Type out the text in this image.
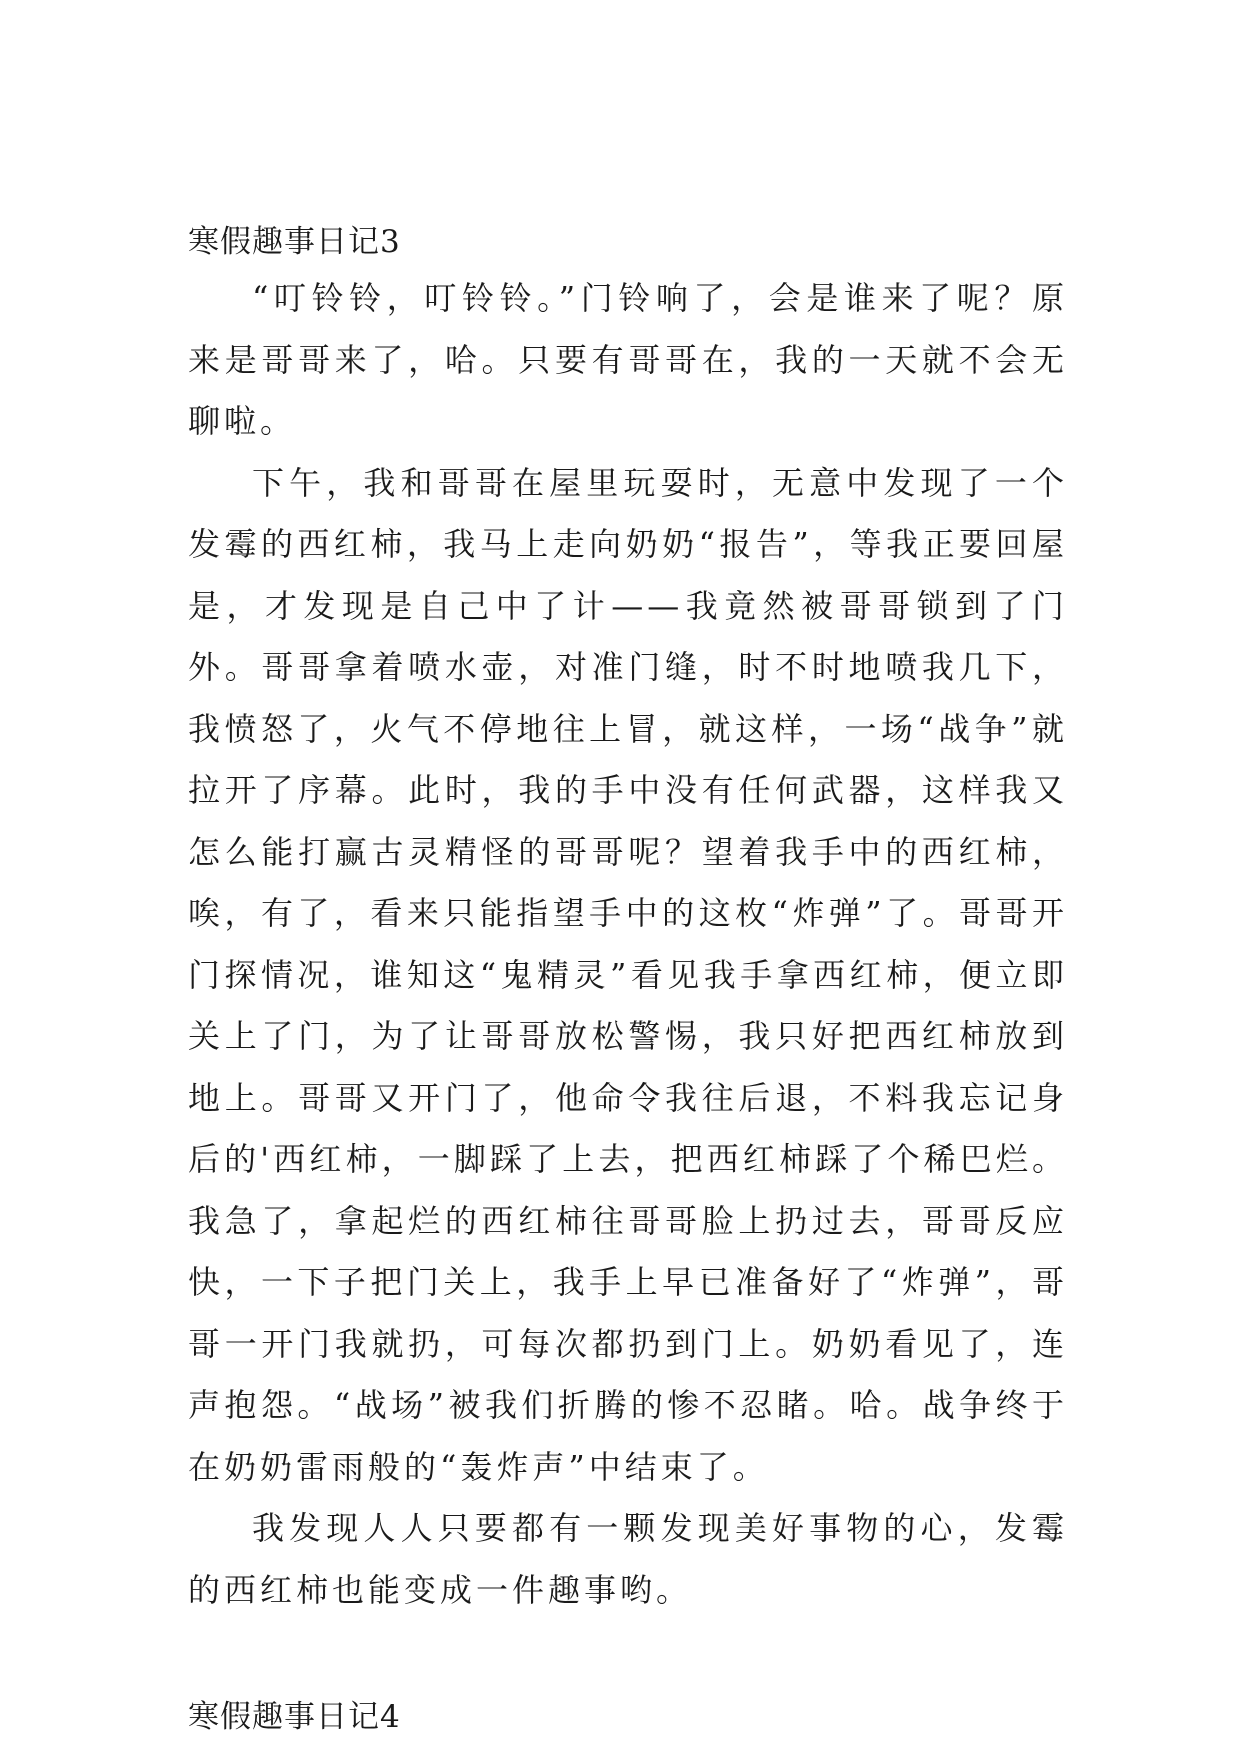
寒假趣事日记3

“叮铃铃，叮铃铃。”门铃响了，会是谁来了呢？原来是哥哥来了，哈。只要有哥哥在，我的一天就不会无聊啦。

下午，我和哥哥在屋里玩耍时，无意中发现了一个发霉的西红柿，我马上走向奶奶“报告”，等我正要回屋是，才发现是自己中了计——我竟然被哥哥锁到了门外。哥哥拿着喷水壶，对准门缝，时不时地喷我几下，我愤怒了，火气不停地往上冒，就这样，一场“战争”就拉开了序幕。此时，我的手中没有任何武器，这样我又怎么能打赢古灵精怪的哥哥呢？望着我手中的西红柿，唉，有了，看来只能指望手中的这枚“炸弹”了。哥哥开门探情况，谁知这“鬼精灵”看见我手拿西红柿，便立即关上了门，为了让哥哥放松警惕，我只好把西红柿放到地上。哥哥又开门了，他命令我往后退，不料我忘记身后的'西红柿，一脚踩了上去，把西红柿踩了个稀巴烂。我急了，拿起烂的西红柿往哥哥脸上扔过去，哥哥反应快，一下子把门关上，我手上早已准备好了“炸弹”，哥哥一开门我就扔，可每次都扔到门上。奶奶看见了，连声抱怨。“战场”被我们折腾的惨不忍睹。哈。战争终于在奶奶雷雨般的“轰炸声”中结束了。

我发现人人只要都有一颗发现美好事物的心，发霉的西红柿也能变成一件趣事哟。

寒假趣事日记4
